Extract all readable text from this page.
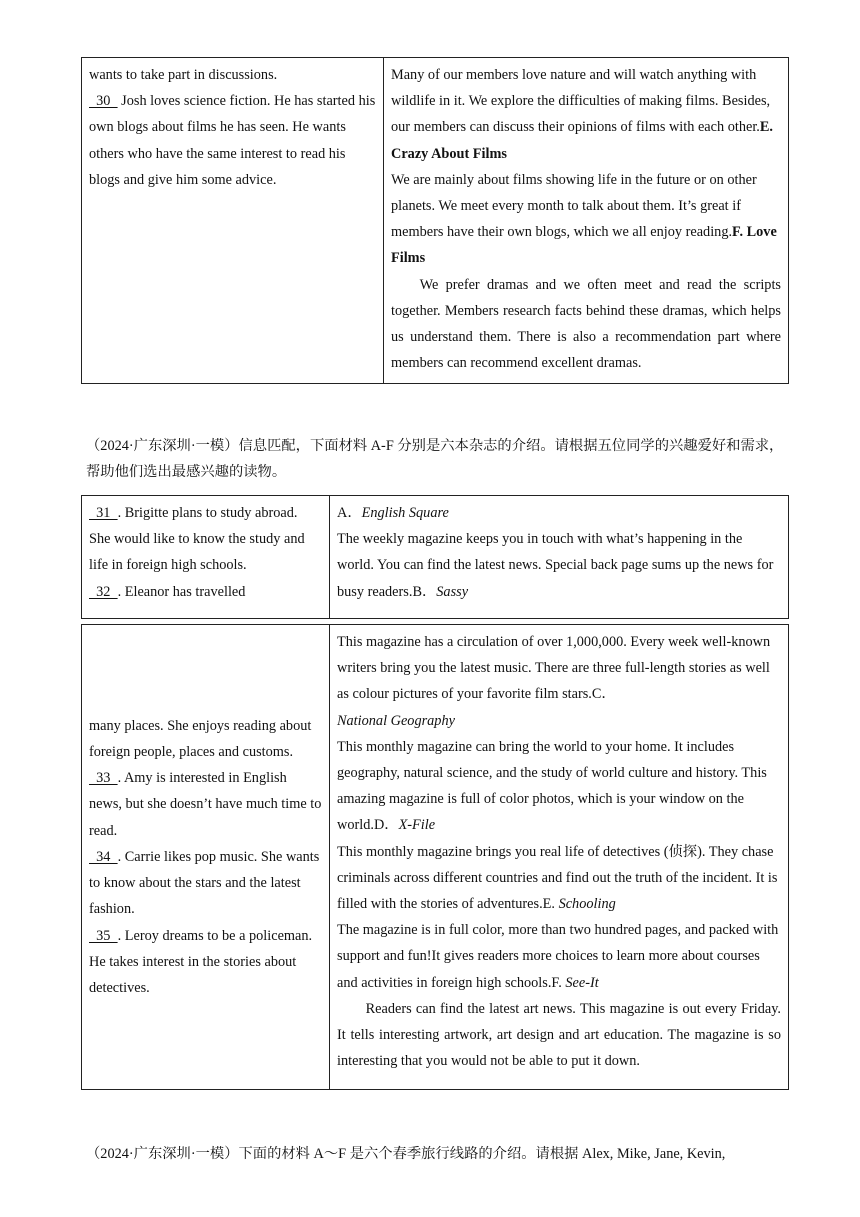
wants to take part in discussions.

30   Josh loves science fiction. He has started his own blogs about films he has seen. He wants others who have the same interest to read his blogs and give him some advice.

Many of our members love nature and will watch anything with wildlife in it. We explore the difficulties of making films. Besides, our members can discuss their opinions of films with each other.E. Crazy About Films

We are mainly about films showing life in the future or on other planets. We meet every month to talk about them. It’s great if members have their own blogs, which we all enjoy reading.F. Love Films

We prefer dramas and we often meet and read the scripts together. Members research facts behind these dramas, which helps us understand them. There is also a recommendation part where members can recommend excellent dramas.

（2024·广东深圳·一模）信息匹配，下面材料 A-F 分别是六本杂志的介绍。请根据五位同学的兴趣爱好和需求，帮助他们选出最感兴趣的读物。

31  . Brigitte plans to study abroad. She would like to know the study and life in foreign high schools.

32  . Eleanor has travelled

A．English Square

The weekly magazine keeps you in touch with what’s happening in the world. You can find the latest news. Special back page sums up the news for busy readers.B．Sassy

many places. She enjoys reading about foreign people, places and customs.

33  . Amy is interested in English news, but she doesn’t have much time to read.

34  . Carrie likes pop music. She wants to know about the stars and the latest fashion.

35  . Leroy dreams to be a policeman. He takes interest in the stories about detectives.

This magazine has a circulation of over 1,000,000. Every week well-known writers bring you the latest music. There are three full-length stories as well as colour pictures of your favorite film stars.C．

National Geography

This monthly magazine can bring the world to your home. It includes geography, natural science, and the study of world culture and history. This amazing magazine is full of color photos, which is your window on the world.D．X-File

This monthly magazine brings you real life of detectives (侦探). They chase criminals across different countries and find out the truth of the incident. It is filled with the stories of adventures.E. Schooling

The magazine is in full color, more than two hundred pages, and packed with support and fun!It gives readers more choices to learn more about courses and activities in foreign high schools.F. See-It

Readers can find the latest art news. This magazine is out every Friday. It tells interesting artwork, art design and art education. The magazine is so interesting that you would not be able to put it down.

（2024·广东深圳·一模）下面的材料 A～F 是六个春季旅行线路的介绍。请根据 Alex, Mike, Jane, Kevin,
